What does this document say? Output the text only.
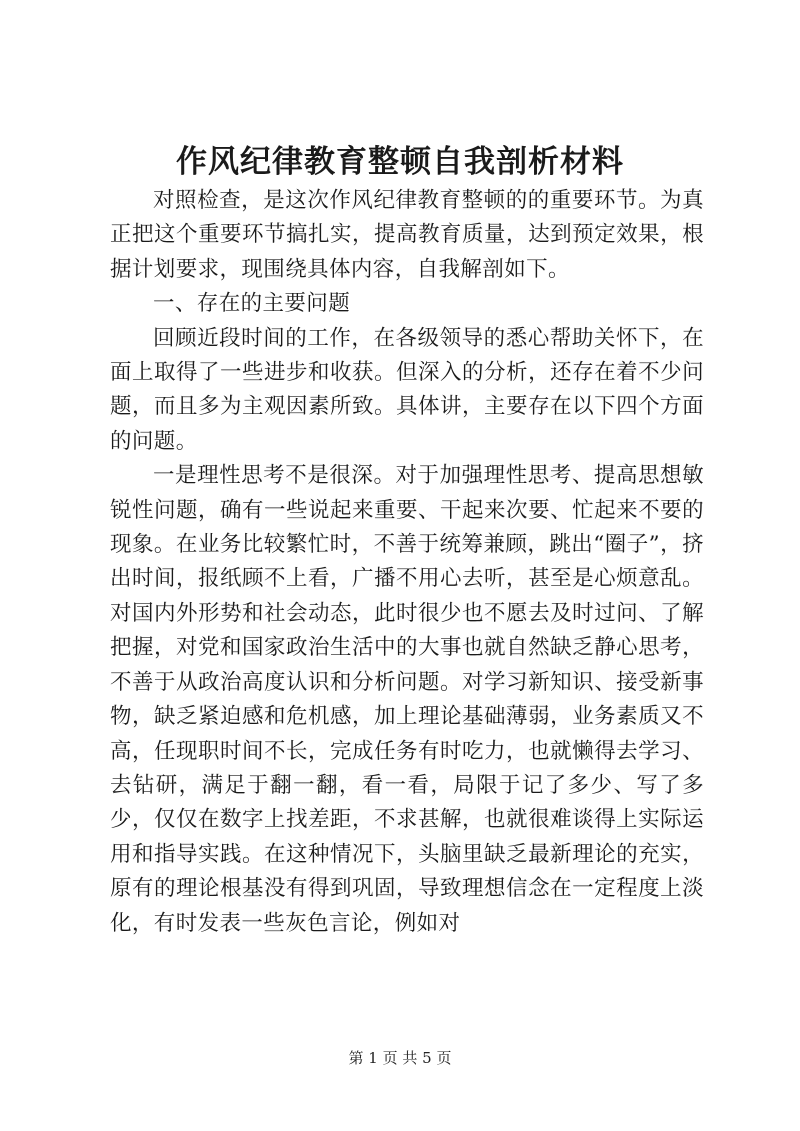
作风纪律教育整顿自我剖析材料

对照检查，是这次作风纪律教育整顿的的重要环节。为真正把这个重要环节搞扎实，提高教育质量，达到预定效果，根据计划要求，现围绕具体内容，自我解剖如下。

一、存在的主要问题

回顾近段时间的工作，在各级领导的悉心帮助关怀下，在面上取得了一些进步和收获。但深入的分析，还存在着不少问题，而且多为主观因素所致。具体讲，主要存在以下四个方面的问题。

一是理性思考不是很深。对于加强理性思考、提高思想敏锐性问题，确有一些说起来重要、干起来次要、忙起来不要的现象。在业务比较繁忙时，不善于统筹兼顾，跳出“圈子”，挤出时间，报纸顾不上看，广播不用心去听，甚至是心烦意乱。对国内外形势和社会动态，此时很少也不愿去及时过问、了解把握，对党和国家政治生活中的大事也就自然缺乏静心思考，不善于从政治高度认识和分析问题。对学习新知识、接受新事物，缺乏紧迫感和危机感，加上理论基础薄弱，业务素质又不高，任现职时间不长，完成任务有时吃力，也就懒得去学习、去钻研，满足于翻一翻，看一看，局限于记了多少、写了多少，仅仅在数字上找差距，不求甚解，也就很难谈得上实际运用和指导实践。在这种情况下，头脑里缺乏最新理论的充实，原有的理论根基没有得到巩固，导致理想信念在一定程度上淡化，有时发表一些灰色言论，例如对

第 1 页 共 5 页
